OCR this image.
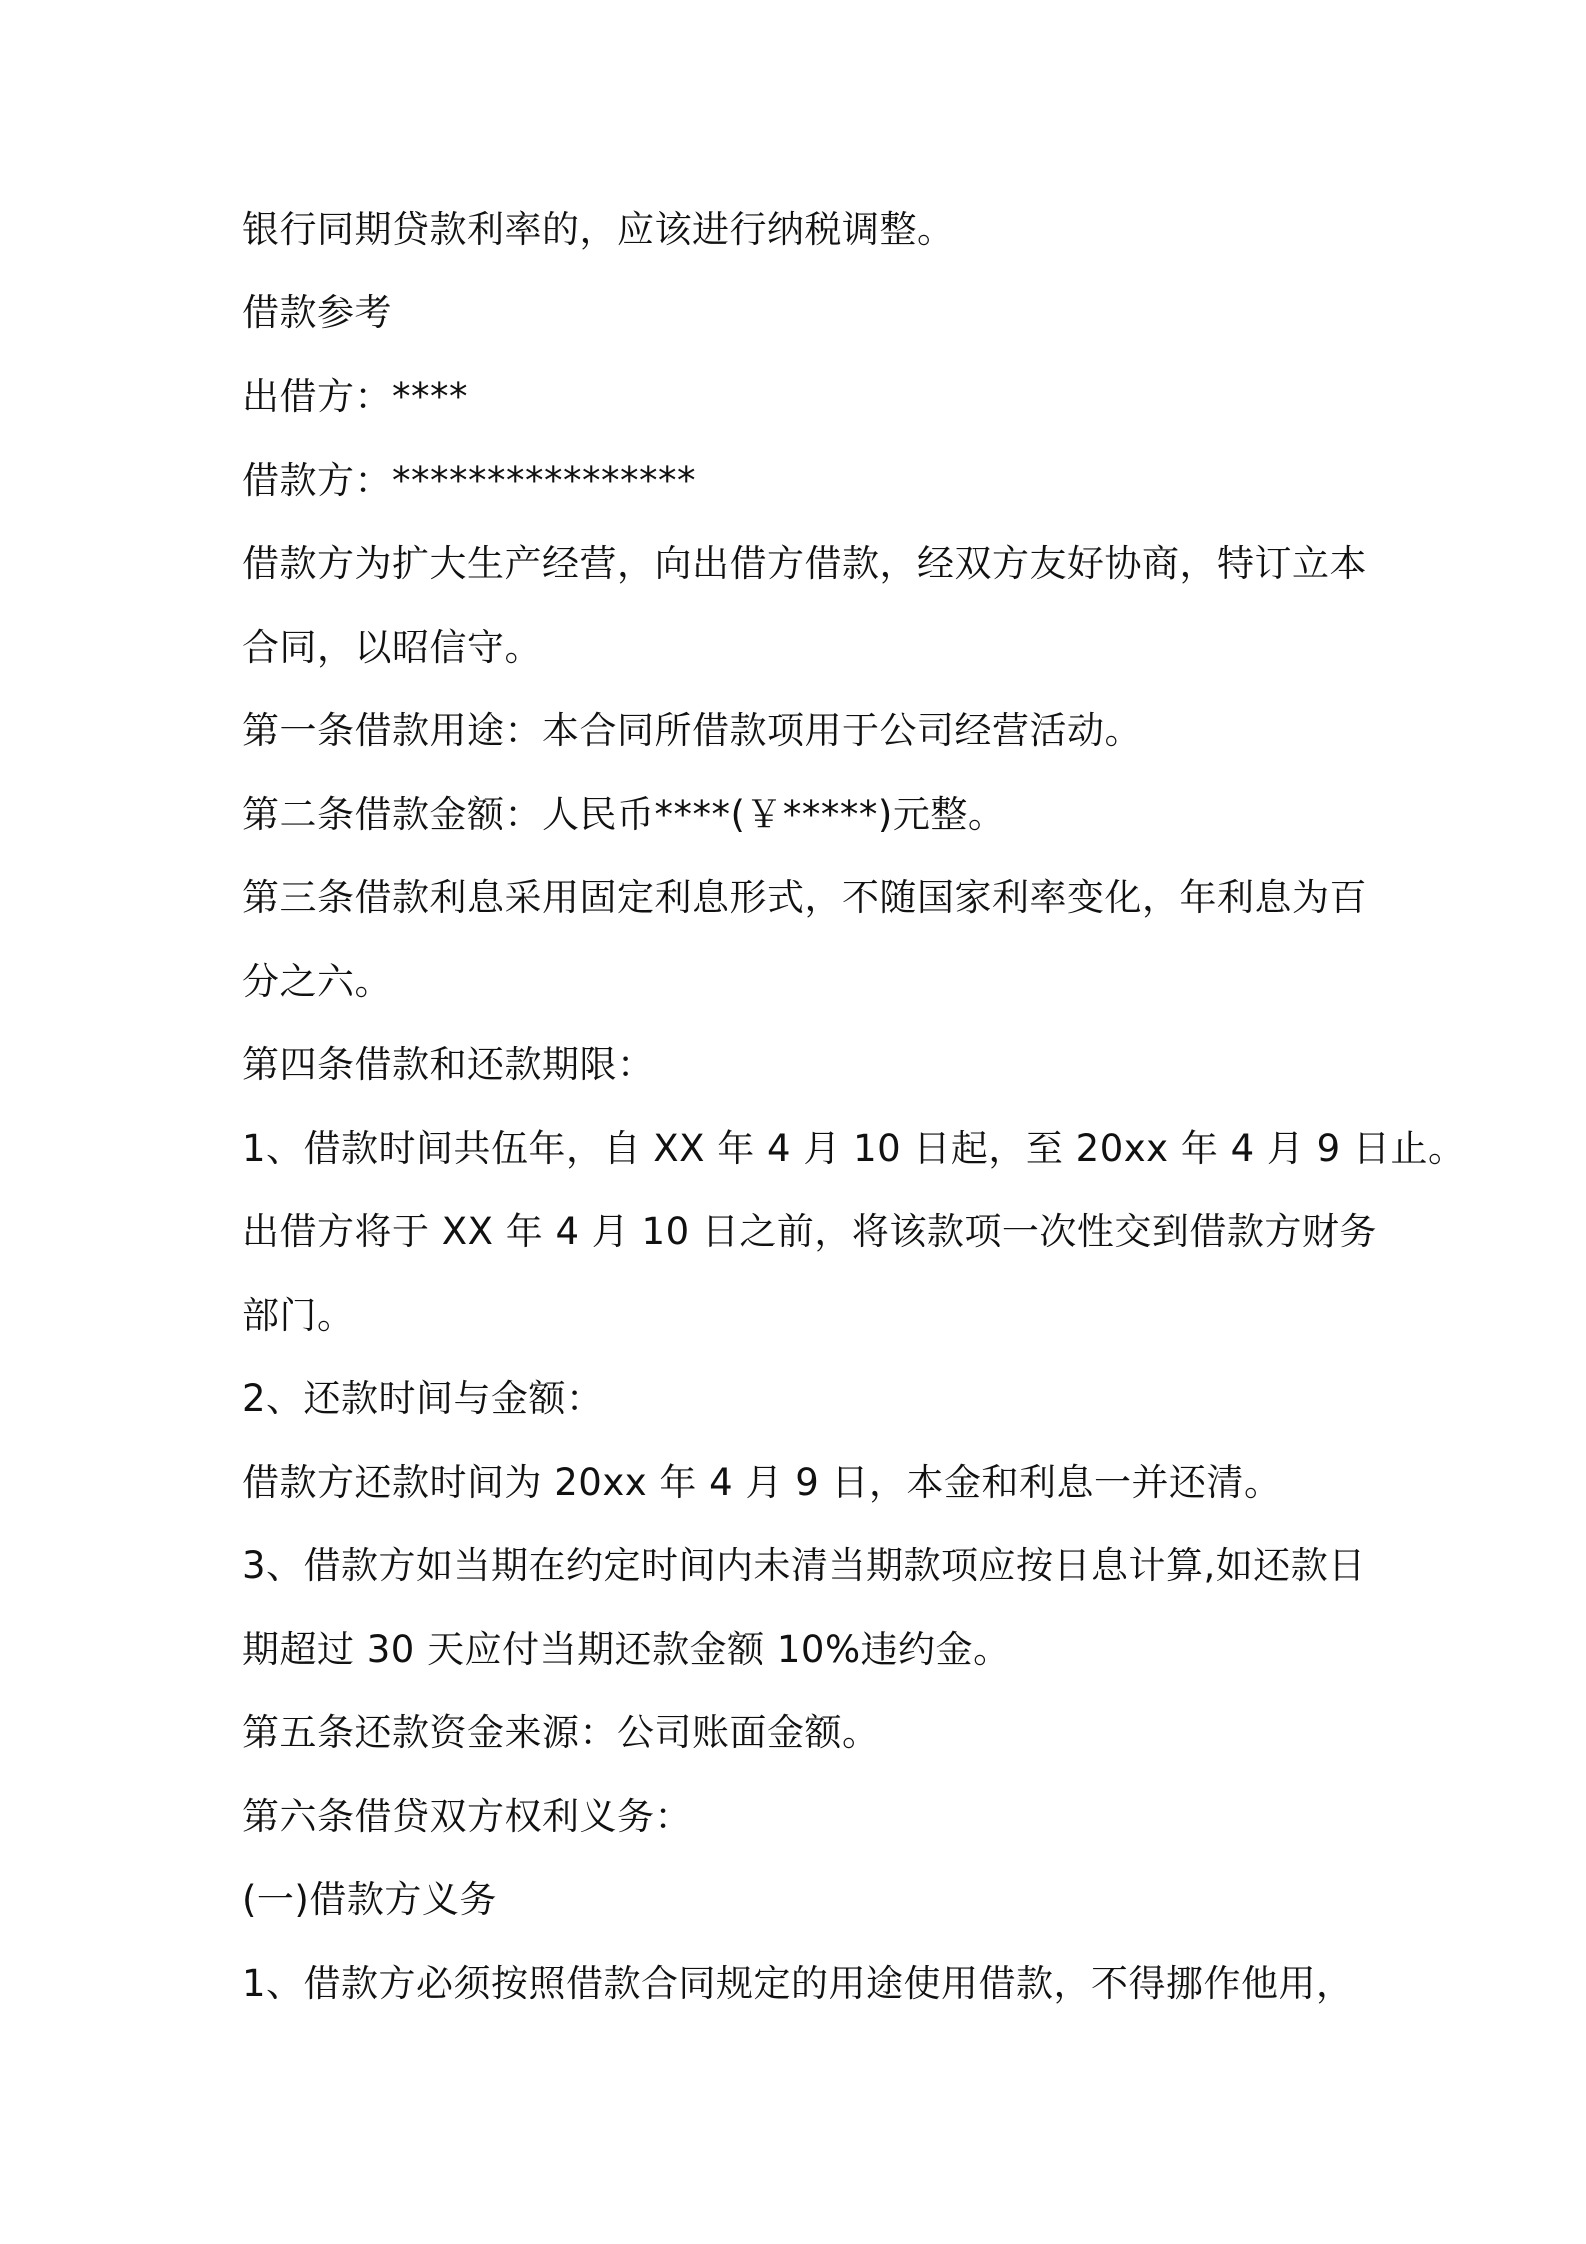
银行同期贷款利率的，应该进行纳税调整。
借款参考
出借方：****
借款方：****************
借款方为扩大生产经营，向出借方借款，经双方友好协商，特订立本
合同，以昭信守。
第一条借款用途：本合同所借款项用于公司经营活动。
第二条借款金额：人民币****(￥*****)元整。
第三条借款利息采用固定利息形式，不随国家利率变化，年利息为百
分之六。
第四条借款和还款期限：
1、借款时间共伍年，自 XX 年 4 月 10 日起，至 20xx 年 4 月 9 日止。
出借方将于 XX 年 4 月 10 日之前，将该款项一次性交到借款方财务
部门。
2、还款时间与金额：
借款方还款时间为 20xx 年 4 月 9 日，本金和利息一并还清。
3、借款方如当期在约定时间内未清当期款项应按日息计算,如还款日
期超过 30 天应付当期还款金额 10%违约金。
第五条还款资金来源：公司账面金额。
第六条借贷双方权利义务：
(一)借款方义务
1、借款方必须按照借款合同规定的用途使用借款，不得挪作他用，
